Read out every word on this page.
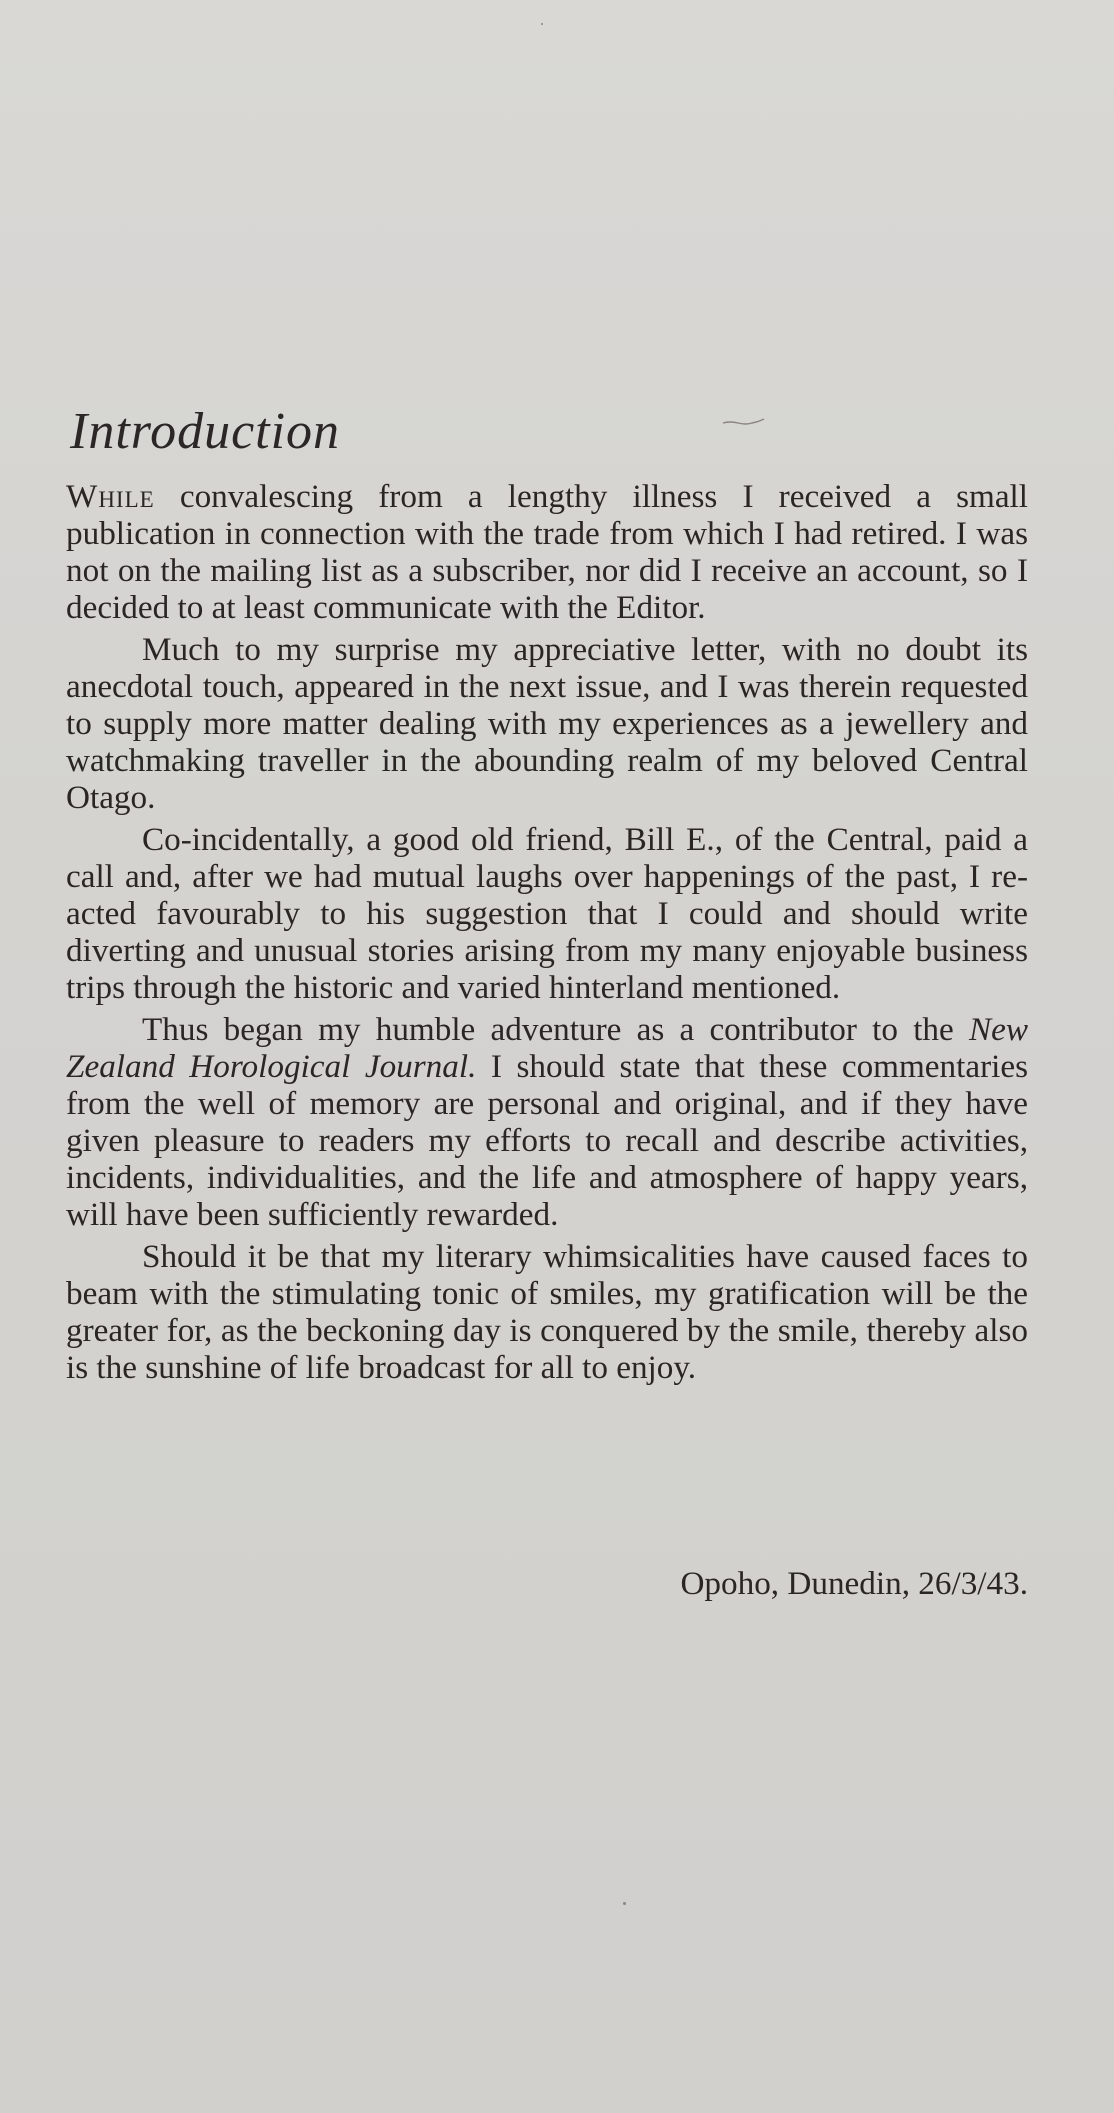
Introduction

While convalescing from a lengthy illness I received a small publication in connection with the trade from which I had retired. I was not on the mailing list as a subscriber, nor did I receive an account, so I decided to at least communicate with the Editor.

Much to my surprise my appreciative letter, with no doubt its anecdotal touch, appeared in the next issue, and I was therein requested to supply more matter dealing with my experiences as a jewellery and watchmaking traveller in the abounding realm of my beloved Central Otago.

Co-incidentally, a good old friend, Bill E., of the Central, paid a call and, after we had mutual laughs over happenings of the past, I re-acted favourably to his suggestion that I could and should write diverting and unusual stories arising from my many enjoyable business trips through the historic and varied hinterland mentioned.

Thus began my humble adventure as a contributor to the New Zealand Horological Journal. I should state that these commentaries from the well of memory are personal and original, and if they have given pleasure to readers my efforts to recall and describe activities, incidents, individualities, and the life and atmosphere of happy years, will have been sufficiently rewarded.

Should it be that my literary whimsicalities have caused faces to beam with the stimulating tonic of smiles, my gratification will be the greater for, as the beckoning day is conquered by the smile, thereby also is the sunshine of life broadcast for all to enjoy.

Opoho, Dunedin, 26/3/43.
